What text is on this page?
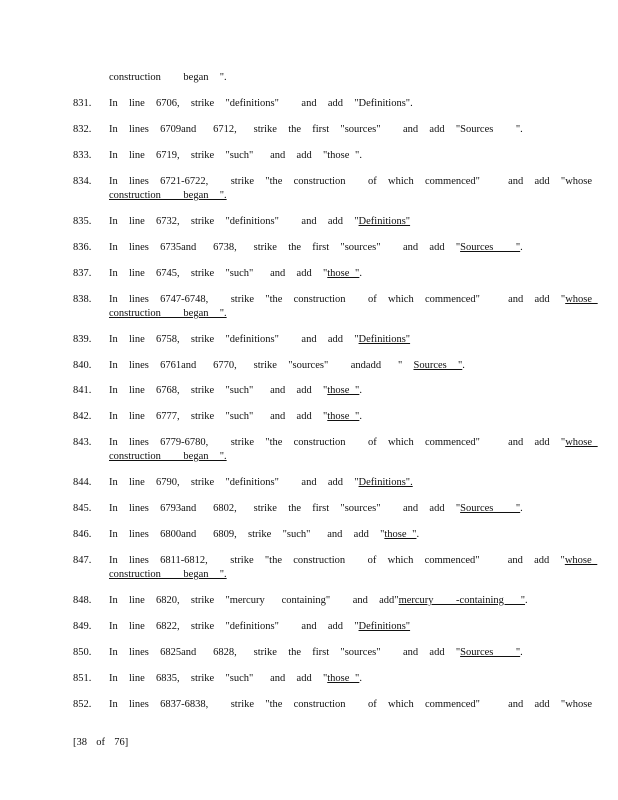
construction    began  ".
831. In  line  6706,  strike  "definitions"    and  add  "Definitions".
832. In  lines  6709and   6712,   strike  the  first  "sources"    and  add  "Sources    ".
833. In  line  6719,  strike  "such"   and  add  "those ".
834. In  lines  6721-6722,    strike  "the  construction    of  which  commenced"     and  add  "whose
construction    began  ".
835. In  line  6732,  strike  "definitions"    and  add  "Definitions"
836. In  lines  6735and   6738,   strike  the  first  "sources"    and  add  "Sources    ".
837. In  line  6745,  strike  "such"   and  add  "those ".
838. In  lines  6747-6748,    strike  "the  construction    of  which  commenced"     and  add  "whose
construction    began  ".
839. In  line  6758,  strike  "definitions"    and  add  "Definitions"
840. In  lines  6761and   6770,   strike  "sources"    andadd   "  Sources  ".
841. In  line  6768,  strike  "such"   and  add  "those ".
842. In  line  6777,  strike  "such"   and  add  "those ".
843. In  lines  6779-6780,    strike  "the  construction    of  which  commenced"     and  add  "whose
construction    began  ".
844. In  line  6790,  strike  "definitions"    and  add  "Definitions".
845. In  lines  6793and   6802,   strike  the  first  "sources"    and  add  "Sources    ".
846. In  lines  6800and   6809,  strike  "such"   and  add  "those ".
847. In  lines  6811-6812,    strike  "the  construction    of  which  commenced"     and  add  "whose
construction    began  ".
848. In  line  6820,  strike  "mercury   containing"    and  add"mercury    -containing   ".
849. In  line  6822,  strike  "definitions"    and  add  "Definitions"
850. In  lines  6825and   6828,   strike  the  first  "sources"    and  add  "Sources    ".
851. In  line  6835,  strike  "such"   and  add  "those ".
852. In  lines  6837-6838,    strike  "the  construction    of  which  commenced"     and  add  "whose
[38  of  76]
